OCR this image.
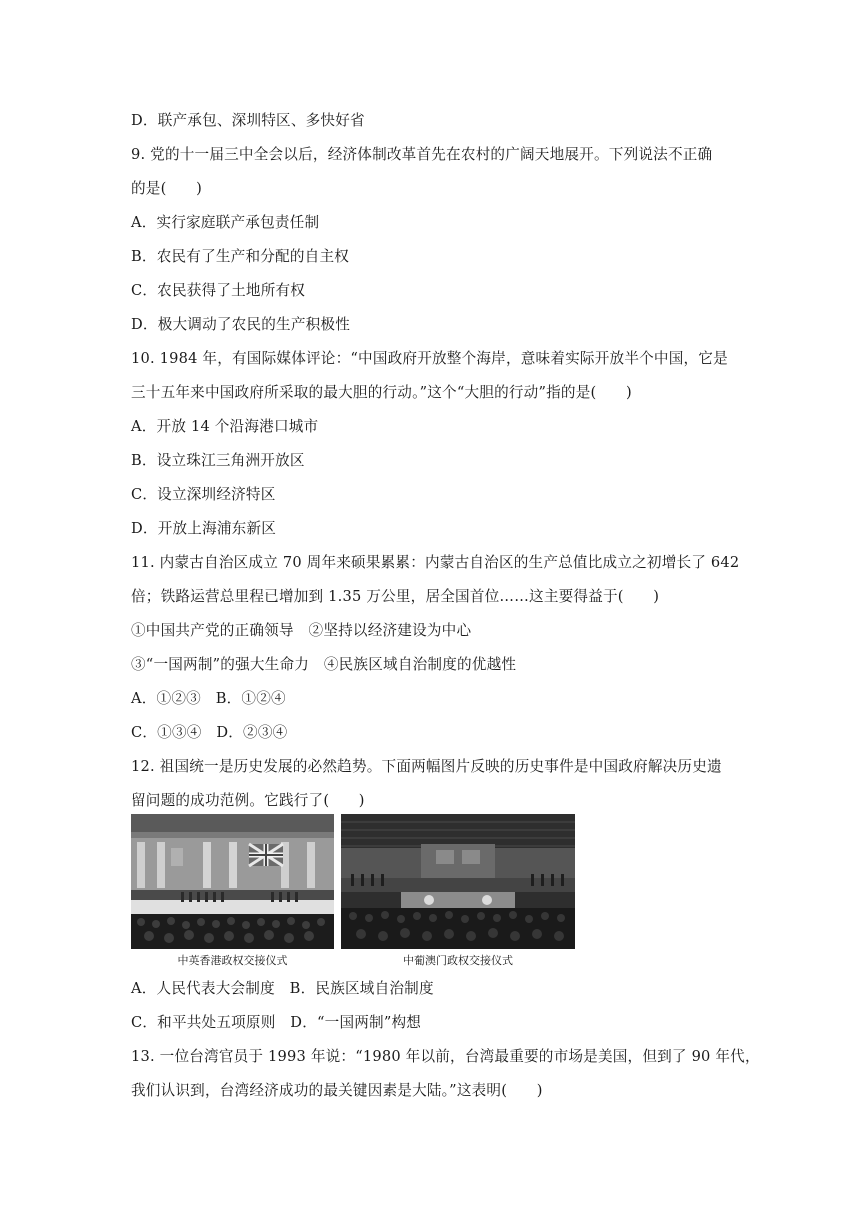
D．联产承包、深圳特区、多快好省
9. 党的十一届三中全会以后，经济体制改革首先在农村的广阔天地展开。下列说法不正确
的是(　　)
A．实行家庭联产承包责任制
B．农民有了生产和分配的自主权
C．农民获得了土地所有权
D．极大调动了农民的生产积极性
10. 1984 年，有国际媒体评论：“中国政府开放整个海岸，意味着实际开放半个中国，它是
三十五年来中国政府所采取的最大胆的行动。”这个“大胆的行动”指的是(　　)
A．开放 14 个沿海港口城市
B．设立珠江三角洲开放区
C．设立深圳经济特区
D．开放上海浦东新区
11. 内蒙古自治区成立 70 周年来硕果累累：内蒙古自治区的生产总值比成立之初增长了 642
倍；铁路运营总里程已增加到 1.35 万公里，居全国首位……这主要得益于(　　)
①中国共产党的正确领导　②坚持以经济建设为中心
③“一国两制”的强大生命力　④民族区域自治制度的优越性
A．①②③　B．①②④
C．①③④　D．②③④
12. 祖国统一是历史发展的必然趋势。下面两幅图片反映的历史事件是中国政府解决历史遗
留问题的成功范例。它践行了(　　)
中英香港政权交接仪式	中葡澳门政权交接仪式
A．人民代表大会制度　B．民族区域自治制度
C．和平共处五项原则　D．“一国两制”构想
13. 一位台湾官员于 1993 年说：“1980 年以前，台湾最重要的市场是美国，但到了 90 年代，
我们认识到，台湾经济成功的最关键因素是大陆。”这表明(　　)
